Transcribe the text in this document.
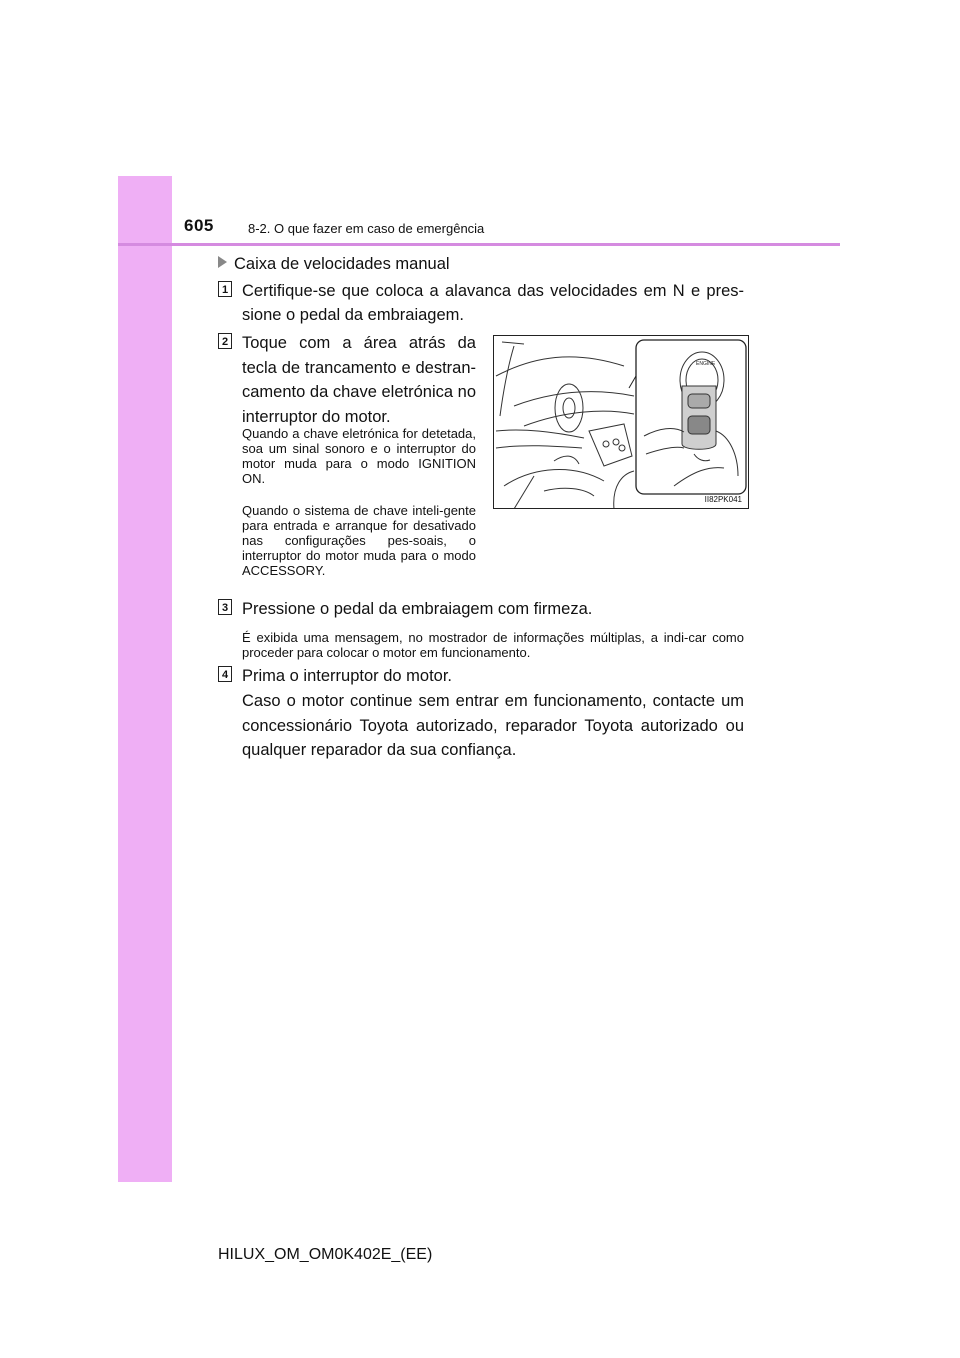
605	8-2. O que fazer em caso de emergência
Caixa de velocidades manual
1 Certifique-se que coloca a alavanca das velocidades em N e pres-sione o pedal da embraiagem.
2 Toque com a área atrás da tecla de trancamento e destran-camento da chave eletrónica no interruptor do motor.
Quando a chave eletrónica for detetada, soa um sinal sonoro e o interruptor do motor muda para o modo IGNITION ON.
Quando o sistema de chave inteli-gente para entrada e arranque for desativado nas configurações pes-soais, o interruptor do motor muda para o modo ACCESSORY.
ENGINE
II82PK041
3 Pressione o pedal da embraiagem com firmeza.
É exibida uma mensagem, no mostrador de informações múltiplas, a indi-car como proceder para colocar o motor em funcionamento.
4 Prima o interruptor do motor.
Caso o motor continue sem entrar em funcionamento, contacte um concessionário Toyota autorizado, reparador Toyota autorizado ou qualquer reparador da sua confiança.
HILUX_OM_OM0K402E_(EE)
